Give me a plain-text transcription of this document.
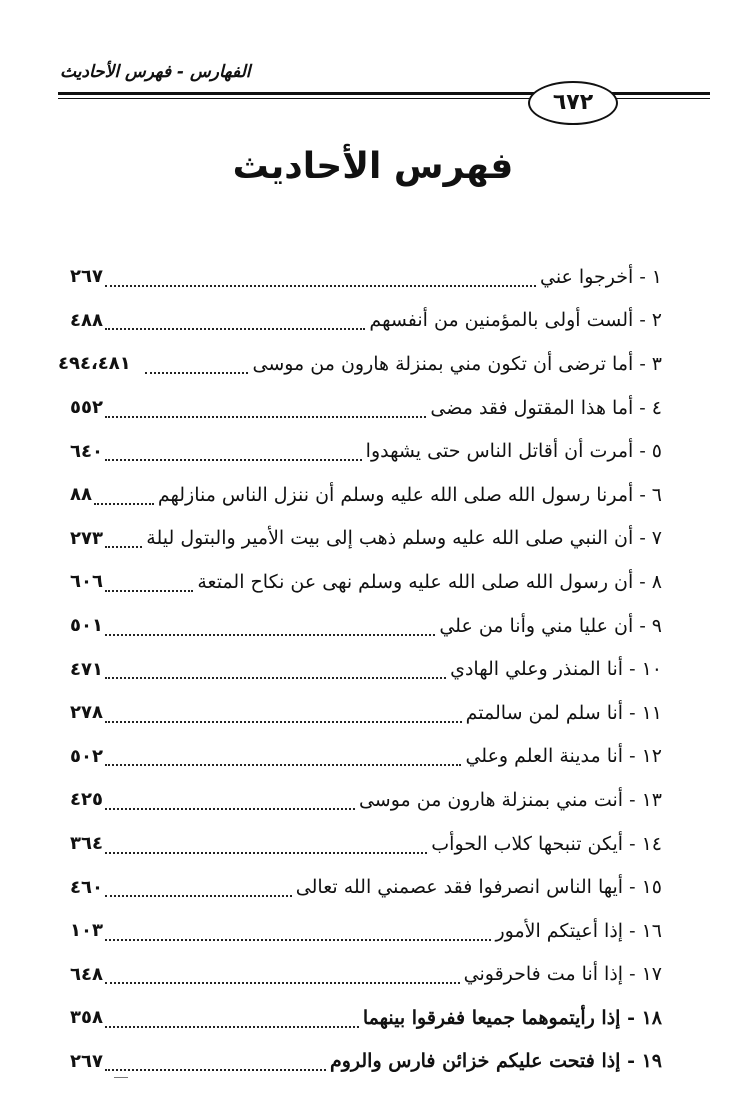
الفهارس - فهرس الأحاديث
٦٧٢
فهرس الأحاديث
١ - أخرجوا عني
٢٦٧
٢ - ألست أولى بالمؤمنين من أنفسهم
٤٨٨
٣ - أما ترضى أن تكون مني بمنزلة هارون من موسى
٤٩٤،٤٨١
٤ - أما هذا المقتول فقد مضى
٥٥٢
٥ - أمرت أن أقاتل الناس حتى يشهدوا
٦٤٠
٦ - أمرنا رسول الله صلى الله عليه وسلم أن ننزل الناس منازلهم
٨٨
٧ - أن النبي صلى الله عليه وسلم ذهب إلى بيت الأمير والبتول ليلة
٢٧٣
٨ - أن رسول الله صلى الله عليه وسلم نهى عن نكاح المتعة
٦٠٦
٩ - أن عليا مني وأنا من علي
٥٠١
١٠ - أنا المنذر وعلي الهادي
٤٧١
١١ - أنا سلم لمن سالمتم
٢٧٨
١٢ - أنا مدينة العلم وعلي
٥٠٢
١٣ - أنت مني بمنزلة هارون من موسى
٤٢٥
١٤ - أيكن تنبحها كلاب الحوأب
٣٦٤
١٥ - أيها الناس انصرفوا فقد عصمني الله تعالى
٤٦٠
١٦ - إذا أعيتكم الأمور
١٠٣
١٧ - إذا أنا مت فاحرقوني
٦٤٨
١٨ - إذا رأيتموهما جميعا ففرقوا بينهما
٣٥٨
١٩ - إذا فتحت عليكم خزائن فارس والروم
٢٦٧
